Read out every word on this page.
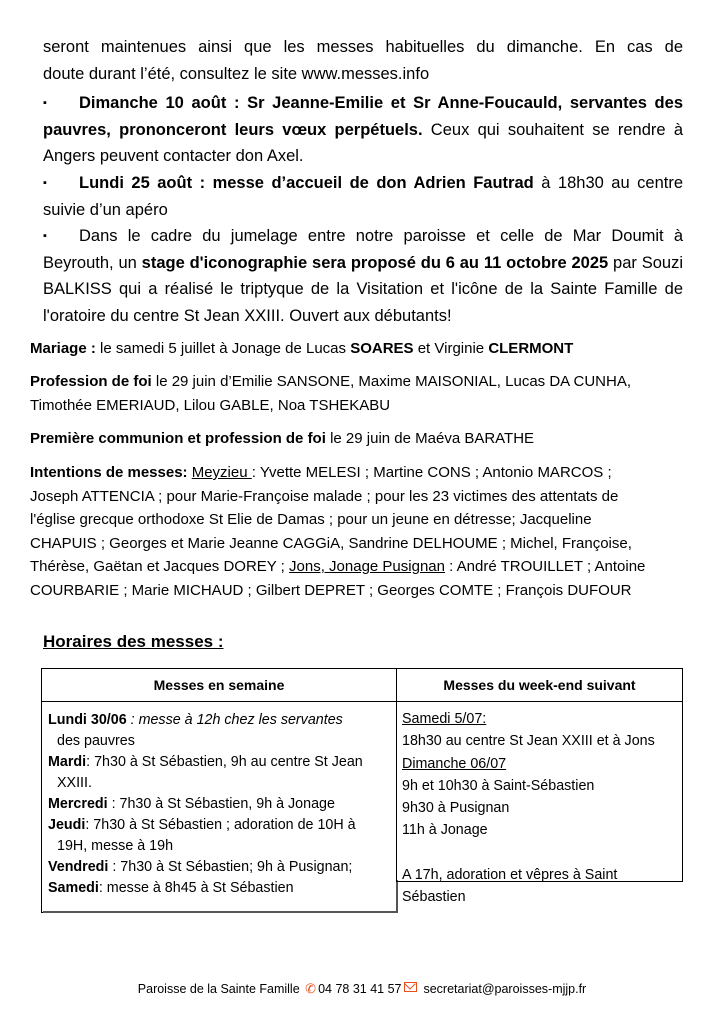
seront maintenues ainsi que les messes habituelles du dimanche. En cas de

doute durant l’été, consultez le site www.messes.info

▪Dimanche 10 août : Sr Jeanne-Emilie et Sr Anne-Foucauld, servantes des pauvres, prononceront leurs vœux perpétuels. Ceux qui souhaitent se rendre à Angers peuvent contacter don Axel.

▪Lundi 25 août : messe d’accueil de don Adrien Fautrad à 18h30 au centre suivie d’un apéro

▪Dans le cadre du jumelage entre notre paroisse et celle de Mar Doumit à Beyrouth, un stage d'iconographie sera proposé du 6 au 11 octobre 2025 par Souzi BALKISS qui a réalisé le triptyque de la Visitation et l'icône de la Sainte Famille de l'oratoire du centre St Jean XXIII. Ouvert aux débutants!

Mariage : le samedi 5 juillet à Jonage de Lucas SOARES et Virginie CLERMONT

Profession de foi le 29 juin d’Emilie SANSONE, Maxime MAISONIAL, Lucas DA CUNHA,

Timothée EMERIAUD, Lilou GABLE, Noa TSHEKABU

Première communion et profession de foi le 29 juin de Maéva BARATHE

Intentions de messes: Meyzieu : Yvette MELESI ; Martine CONS ; Antonio MARCOS ;

Joseph ATTENCIA ; pour Marie-Françoise malade ; pour les 23 victimes des attentats de

l'église grecque orthodoxe St Elie de Damas ; pour un jeune en détresse; Jacqueline

CHAPUIS ; Georges et Marie Jeanne CAGGiA, Sandrine DELHOUME ; Michel, Françoise,

Thérèse, Gaëtan et Jacques DOREY ; Jons, Jonage Pusignan : André TROUILLET ; Antoine

COURBARIE ; Marie MICHAUD ; Gilbert DEPRET ; Georges COMTE ; François DUFOUR

Horaires des messes :
Messes en semaine	Messes du week-end suivant
Lundi 30/06 : messe à 12h chez les servantes
des pauvres
Mardi: 7h30 à St Sébastien, 9h au centre St Jean
XXIII.
Mercredi : 7h30 à St Sébastien, 9h à Jonage
Jeudi: 7h30 à St Sébastien ; adoration de 10H à
19H, messe à 19h
Vendredi : 7h30 à St Sébastien; 9h à Pusignan;
Samedi: messe à 8h45 à St Sébastien

Samedi 5/07:

18h30 au centre St Jean XXIII et à Jons

Dimanche 06/07

9h et 10h30 à Saint-Sébastien

9h30 à Pusignan

11h à Jonage

A 17h, adoration et vêpres à Saint

Sébastien

Paroisse de la Sainte Famille ✆ 04 78 31 41 57 secretariat@paroisses-mjjp.fr
